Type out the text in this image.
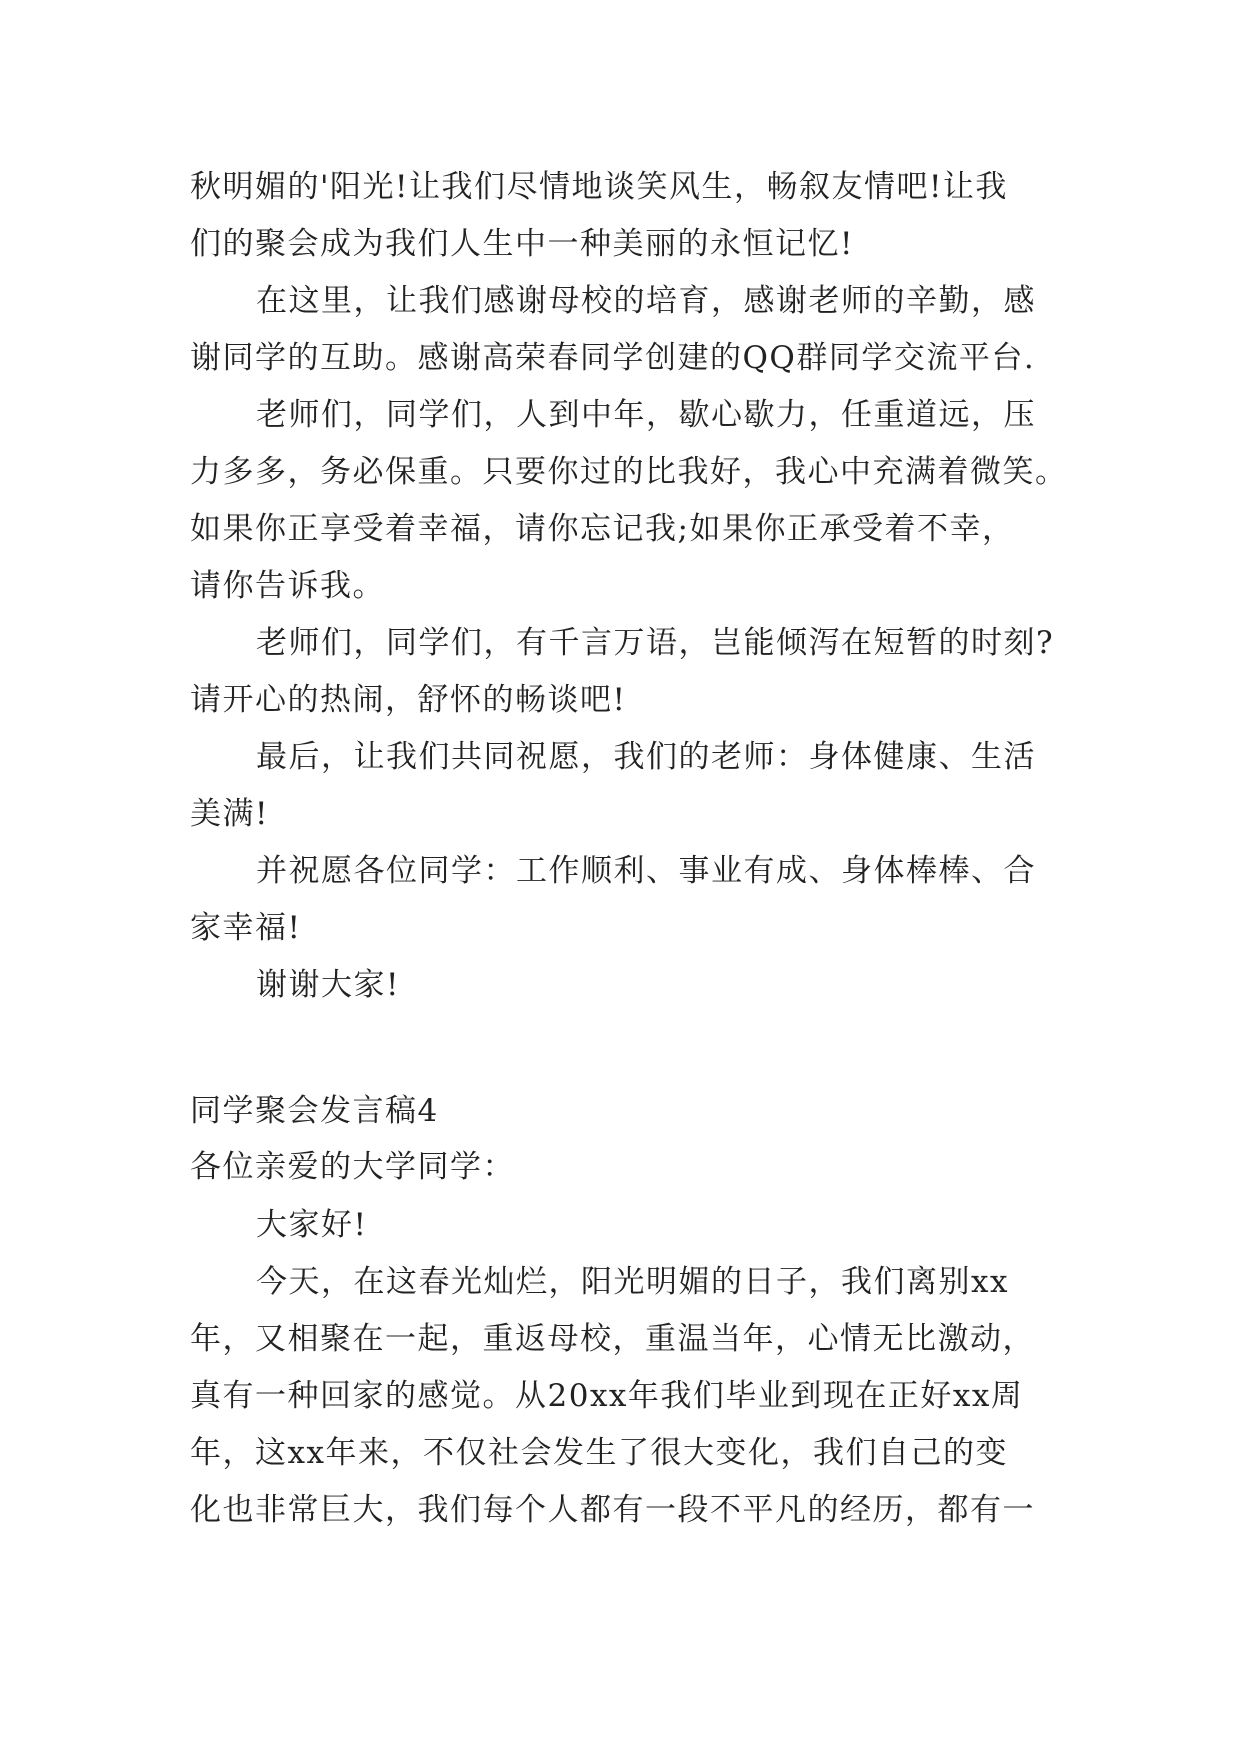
秋明媚的'阳光!让我们尽情地谈笑风生，畅叙友情吧!让我
们的聚会成为我们人生中一种美丽的永恒记忆!
在这里，让我们感谢母校的培育，感谢老师的辛勤，感
谢同学的互助。感谢高荣春同学创建的QQ群同学交流平台.
老师们，同学们，人到中年，歇心歇力，任重道远，压
力多多，务必保重。只要你过的比我好，我心中充满着微笑。
如果你正享受着幸福，请你忘记我;如果你正承受着不幸，
请你告诉我。
老师们，同学们，有千言万语，岂能倾泻在短暂的时刻?
请开心的热闹，舒怀的畅谈吧!
最后，让我们共同祝愿，我们的老师：身体健康、生活
美满!
并祝愿各位同学：工作顺利、事业有成、身体棒棒、合
家幸福!
谢谢大家!
同学聚会发言稿4
各位亲爱的大学同学：
大家好!
今天，在这春光灿烂，阳光明媚的日子，我们离别xx
年，又相聚在一起，重返母校，重温当年，心情无比激动，
真有一种回家的感觉。从20xx年我们毕业到现在正好xx周
年，这xx年来，不仅社会发生了很大变化，我们自己的变
化也非常巨大，我们每个人都有一段不平凡的经历，都有一
